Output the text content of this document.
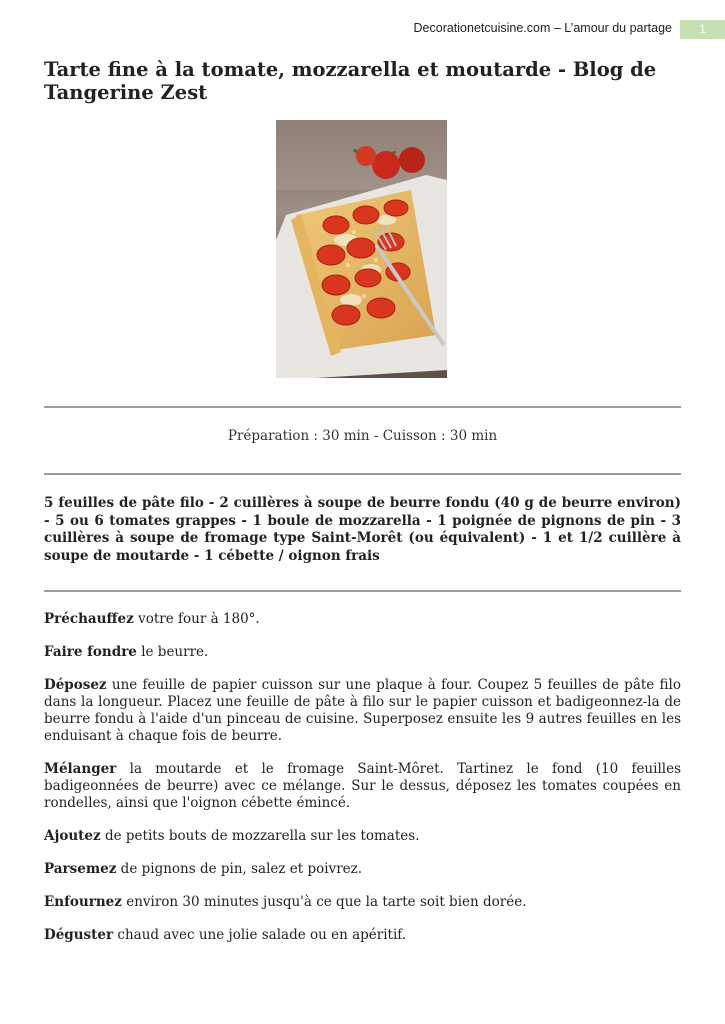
Decorationetcuisine.com – L’amour du partage	1
Tarte fine à la tomate, mozzarella et moutarde - Blog de Tangerine Zest
Préparation : 30 min - Cuisson : 30 min

5 feuilles de pâte filo - 2 cuillères à soupe de beurre fondu (40 g de beurre environ) - 5 ou 6 tomates grappes - 1 boule de mozzarella - 1 poignée de pignons de pin - 3 cuillères à soupe de fromage type Saint-Morêt (ou équivalent) - 1 et 1/2 cuillère à soupe de moutarde - 1 cébette / oignon frais

Préchauffez votre four à 180°.

Faire fondre le beurre.

Déposez une feuille de papier cuisson sur une plaque à four. Coupez 5 feuilles de pâte filo dans la longueur. Placez une feuille de pâte à filo sur le papier cuisson et badigeonnez-la de beurre fondu à l'aide d'un pinceau de cuisine. Superposez ensuite les 9 autres feuilles en les enduisant à chaque fois de beurre.

Mélanger la moutarde et le fromage Saint-Môret. Tartinez le fond (10 feuilles badigeonnées de beurre) avec ce mélange. Sur le dessus, déposez les tomates coupées en rondelles, ainsi que l'oignon cébette émincé.

Ajoutez de petits bouts de mozzarella sur les tomates.

Parsemez de pignons de pin, salez et poivrez.

Enfournez environ 30 minutes jusqu'à ce que la tarte soit bien dorée.

Déguster chaud avec une jolie salade ou en apéritif.
